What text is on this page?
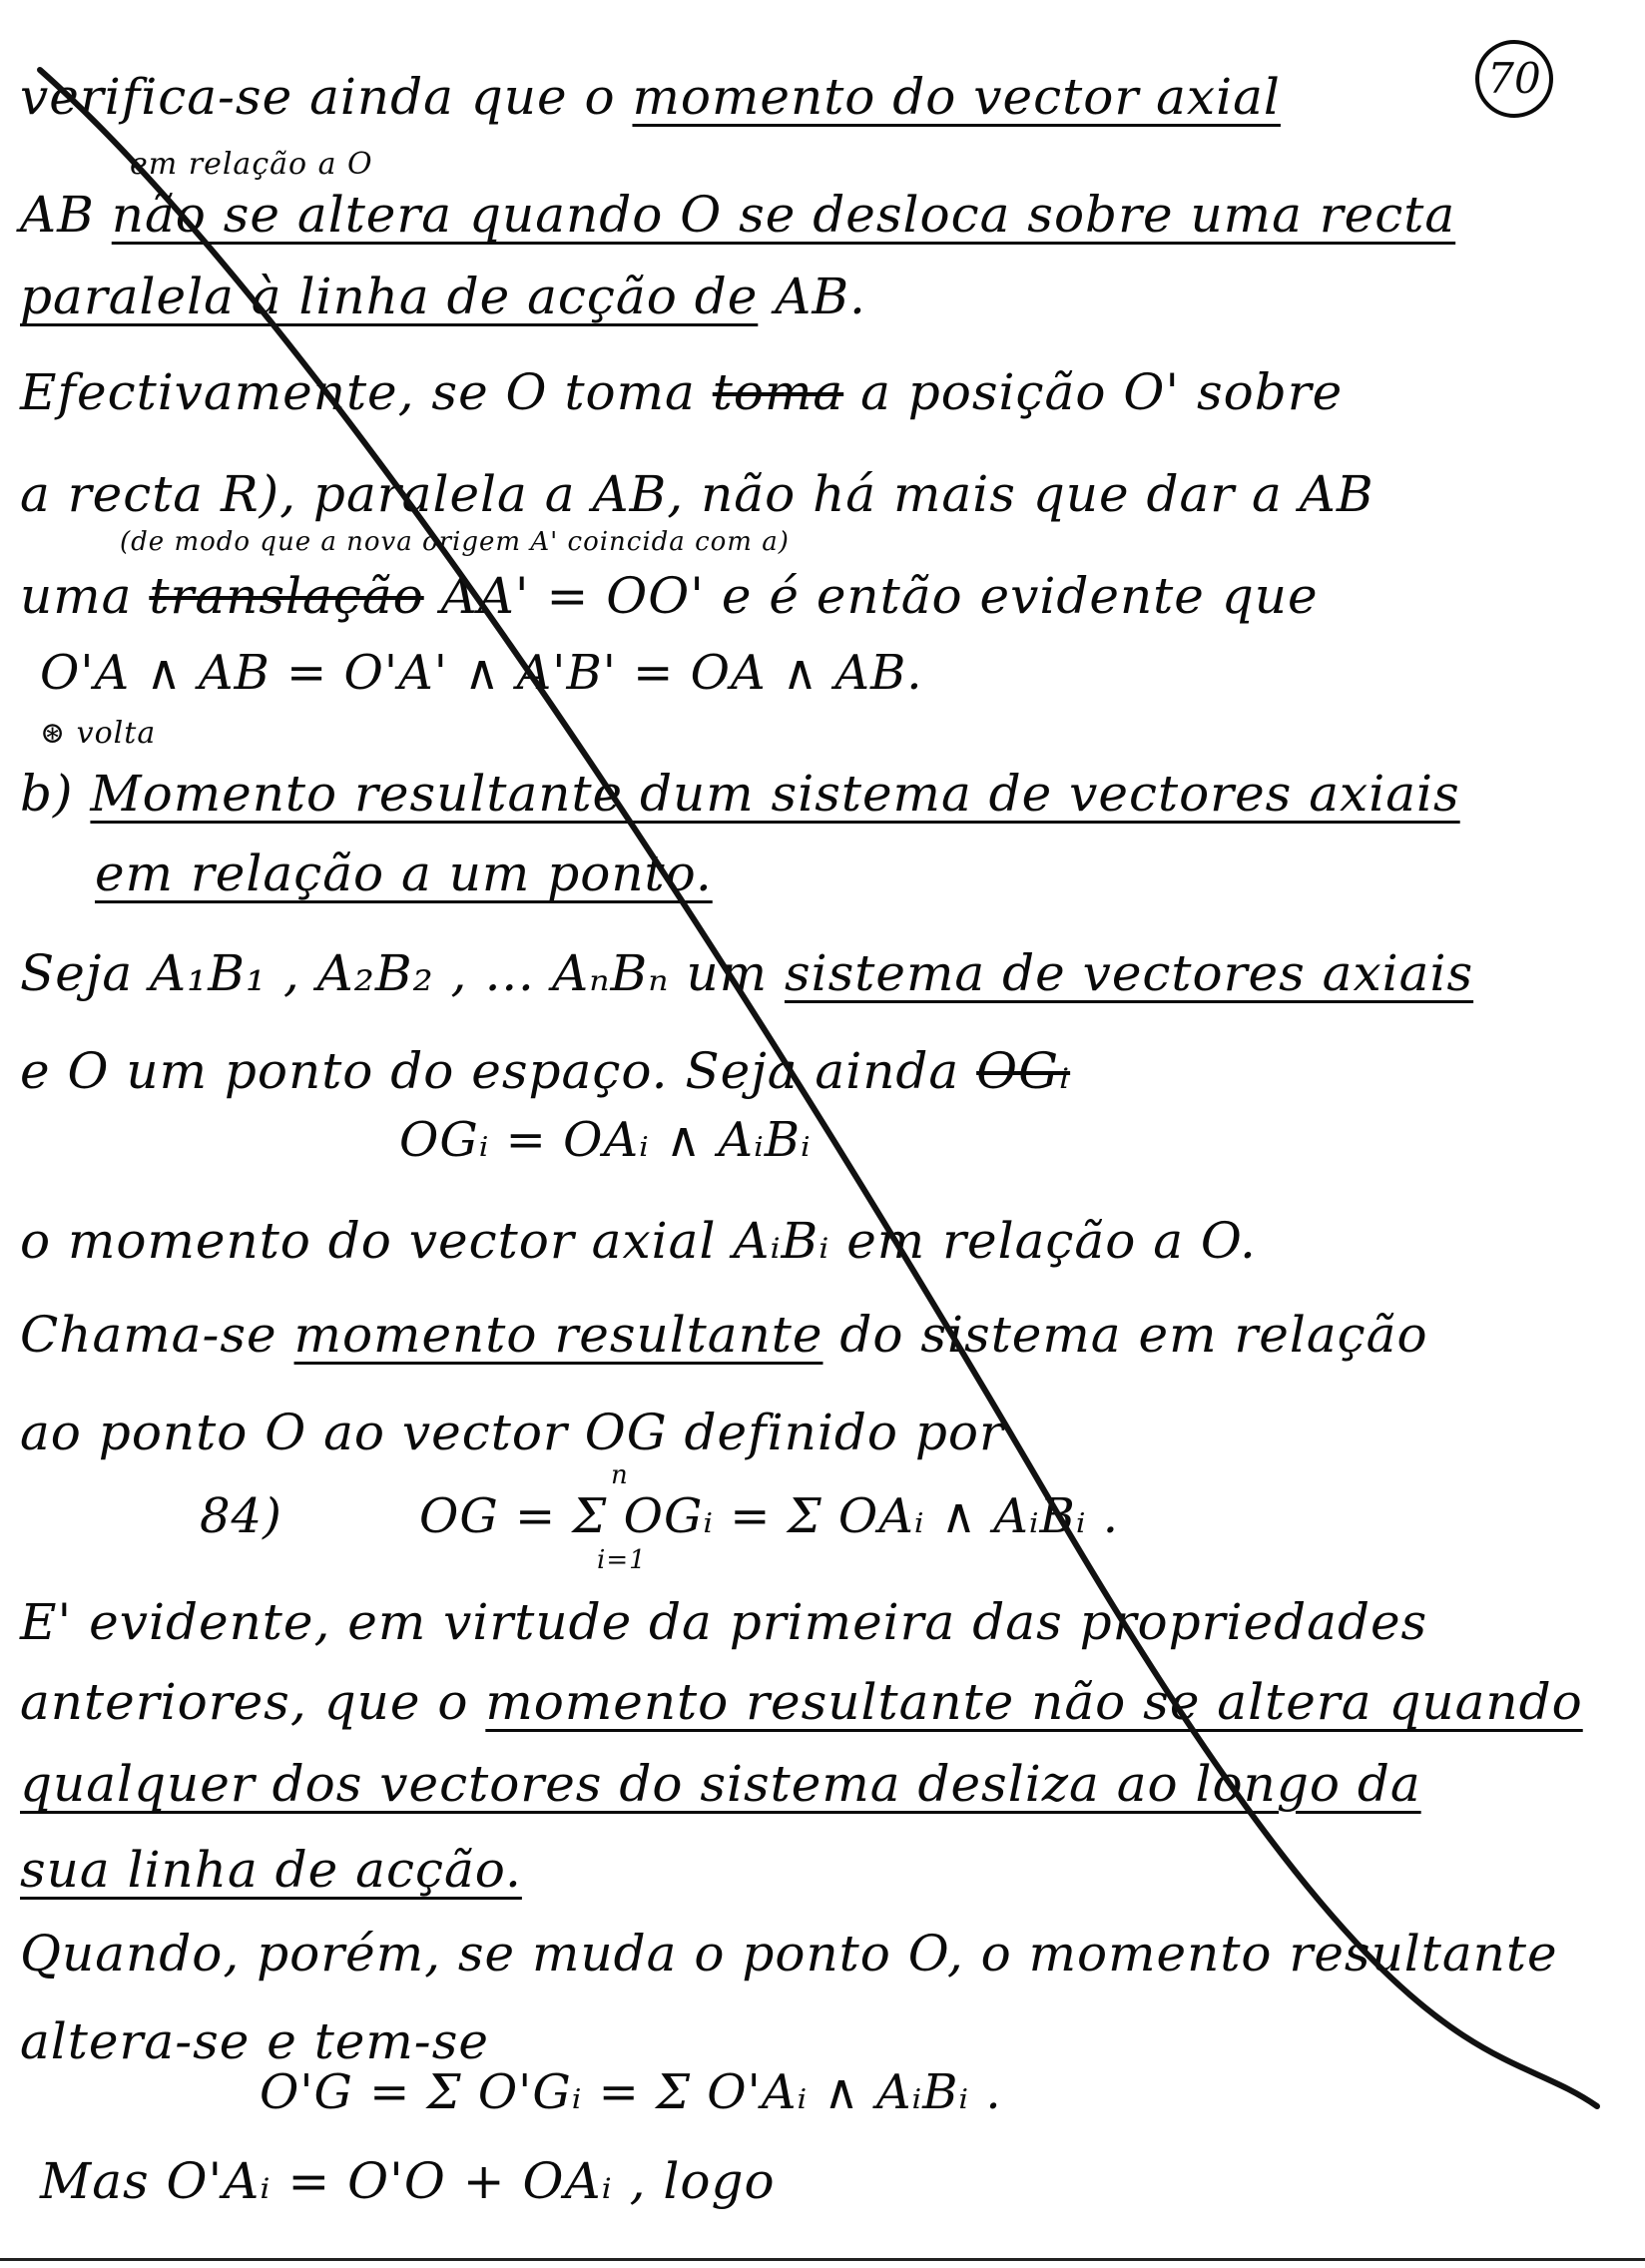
70
verifica-se ainda que o momento do vector axial
em relação a O
AB não se altera quando O se desloca sobre uma recta
paralela à linha de acção de AB.
Efectivamente, se O toma toma a posição O' sobre
a recta R), paralela a AB, não há mais que dar a AB
(de modo que a nova origem A' coincida com a)
uma translação AA' = OO' e é então evidente que
O'A ∧ AB = O'A' ∧ A'B' = OA ∧ AB.
⊛ volta
b) Momento resultante dum sistema de vectores axiais
em relação a um ponto.
Seja A₁B₁ , A₂B₂ , … AₙBₙ um sistema de vectores axiais
e O um ponto do espaço. Seja ainda OGᵢ
OGᵢ = OAᵢ ∧ AᵢBᵢ
o momento do vector axial AᵢBᵢ em relação a O.
Chama-se momento resultante do sistema em relação
ao ponto O ao vector OG definido por
84)	OG = Σ OGᵢ = Σ OAᵢ ∧ AᵢBᵢ .
n
i=1
E' evidente, em virtude da primeira das propriedades
anteriores, que o momento resultante não se altera quando
qualquer dos vectores do sistema desliza ao longo da
sua linha de acção.
Quando, porém, se muda o ponto O, o momento resultante
altera-se e tem-se
O'G = Σ O'Gᵢ = Σ O'Aᵢ ∧ AᵢBᵢ .
Mas O'Aᵢ = O'O + OAᵢ , logo
